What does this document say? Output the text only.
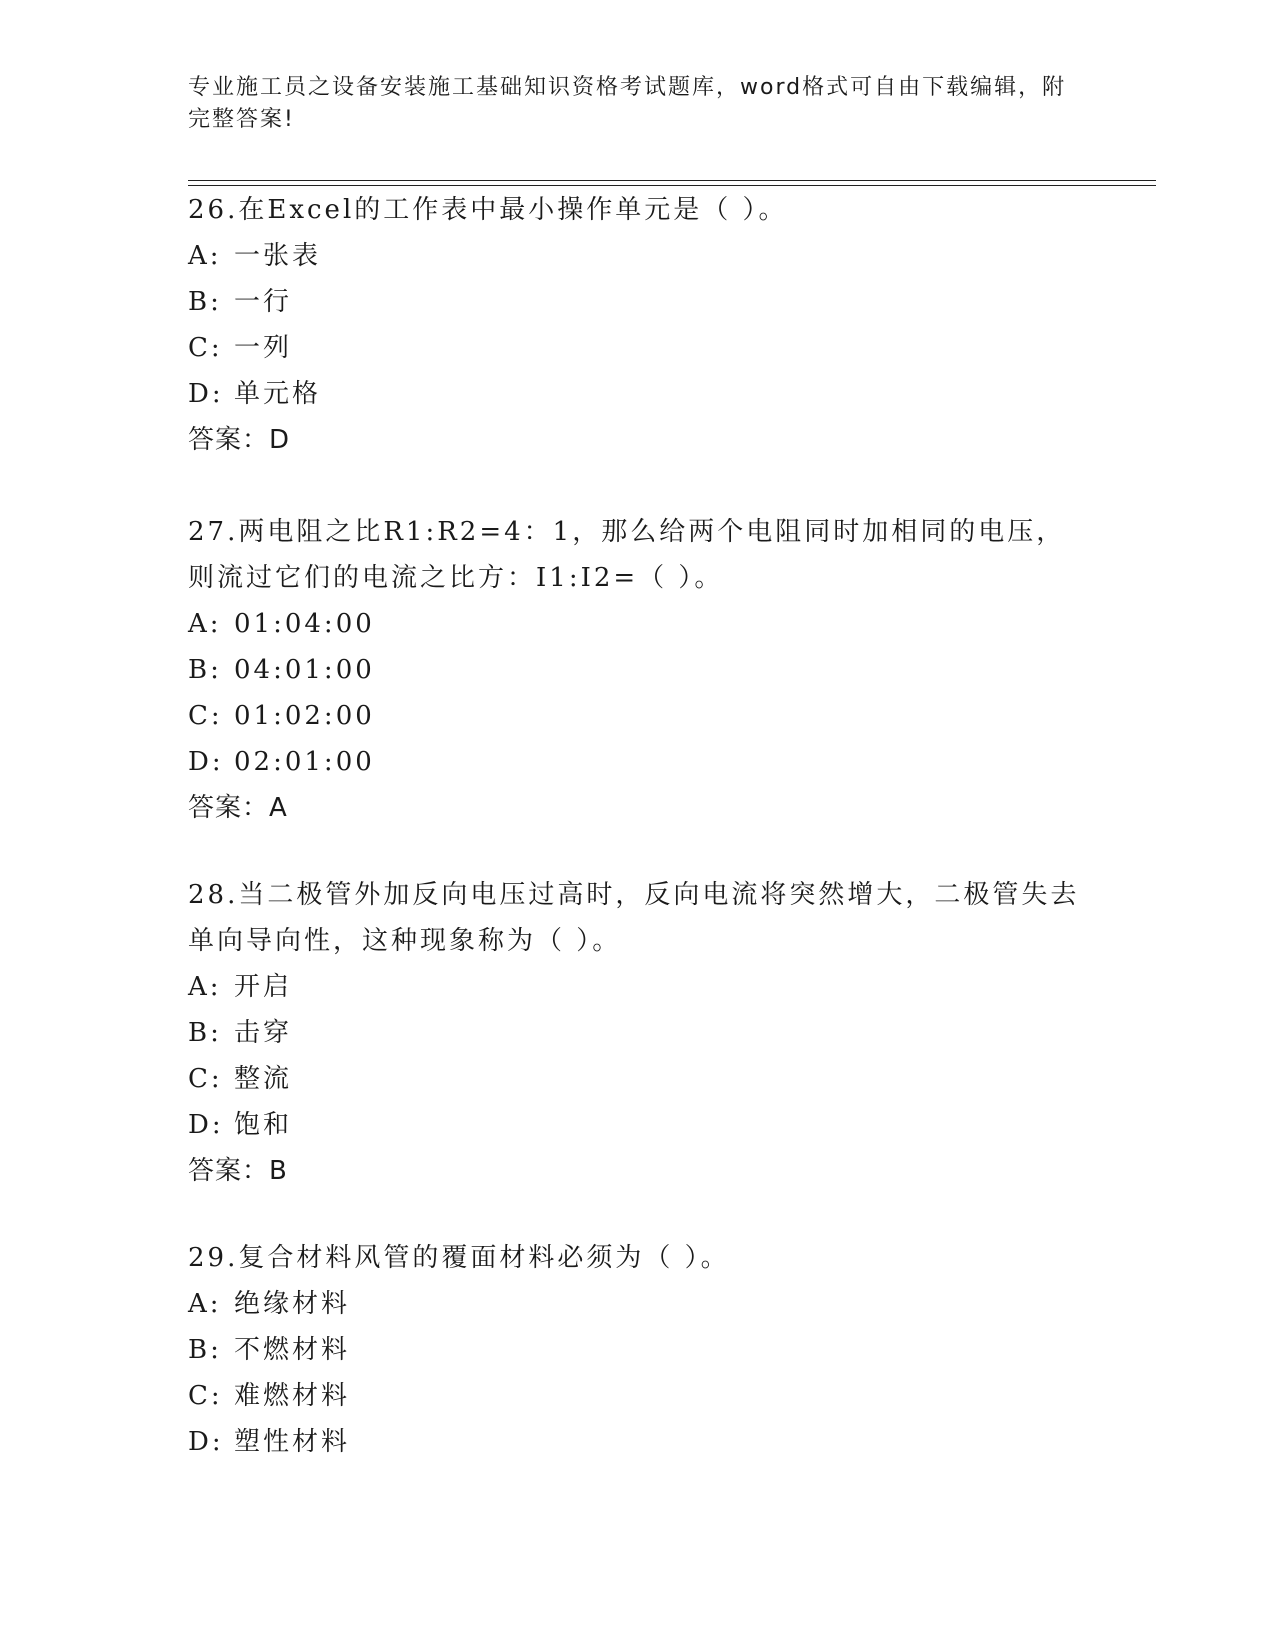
专业施工员之设备安装施工基础知识资格考试题库，word格式可自由下载编辑，附完整答案!
26.在Excel的工作表中最小操作单元是（ ）。
A: 一张表
B: 一行
C: 一列
D: 单元格
答案：D
27.两电阻之比R1:R2=4：1，那么给两个电阻同时加相同的电压，则流过它们的电流之比方：I1:I2=（ ）。
A: 01:04:00
B: 04:01:00
C: 01:02:00
D: 02:01:00
答案：A
28.当二极管外加反向电压过高时，反向电流将突然增大，二极管失去单向导向性，这种现象称为（ ）。
A: 开启
B: 击穿
C: 整流
D: 饱和
答案：B
29.复合材料风管的覆面材料必须为（ ）。
A: 绝缘材料
B: 不燃材料
C: 难燃材料
D: 塑性材料
